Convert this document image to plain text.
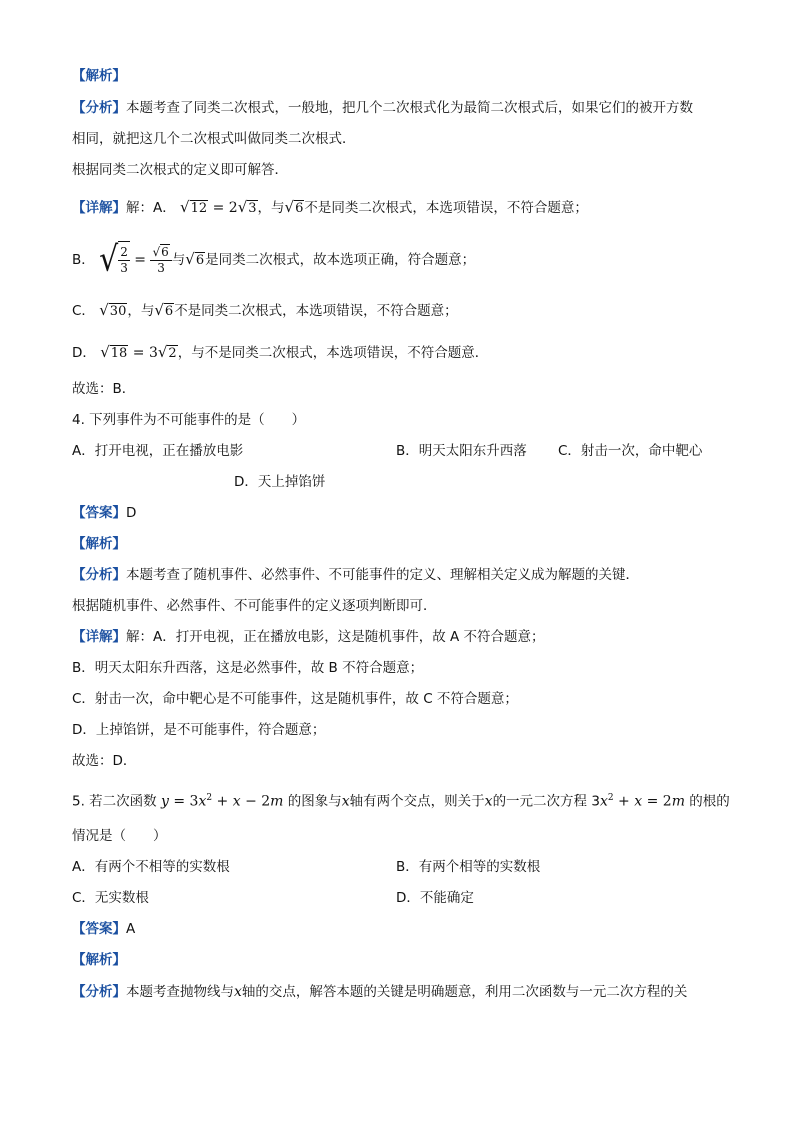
【解析】
【分析】本题考查了同类二次根式，一般地，把几个二次根式化为最简二次根式后，如果它们的被开方数
相同，就把这几个二次根式叫做同类二次根式．
根据同类二次根式的定义即可解答．
【详解】解：A． √12 = 2√3，与√6不是同类二次根式，本选项错误，不符合题意；
B． √ $\frac{2}{3} = \frac{√6}{3}$ 与√6是同类二次根式，故本选项正确，符合题意；
C． √30，与√6不是同类二次根式，本选项错误，不符合题意；
D． √18 = 3√2，与不是同类二次根式，本选项错误，不符合题意．
故选：B．
4. 下列事件为不可能事件的是（　　）
A．打开电视，正在播放电影	B．明天太阳东升西落 C．射击一次，命中靶心
D．天上掉馅饼
【答案】D
【解析】
【分析】本题考查了随机事件、必然事件、不可能事件的定义、理解相关定义成为解题的关键．
根据随机事件、必然事件、不可能事件的定义逐项判断即可．
【详解】解：A．打开电视，正在播放电影，这是随机事件，故 A 不符合题意；
B．明天太阳东升西落，这是必然事件，故 B 不符合题意；
C．射击一次，命中靶心是不可能事件，这是随机事件，故 C 不符合题意；
D．上掉馅饼，是不可能事件，符合题意；
故选：D．
5. 若二次函数 $y = 3x^2 + x - 2m$ 的图象与x轴有两个交点，则关于x的一元二次方程 $3x^2 + x = 2m$ 的根的
情况是（　　）
A．有两个不相等的实数根	B．有两个相等的实数根
C．无实数根	D．不能确定
【答案】A
【解析】
【分析】本题考查抛物线与x轴的交点，解答本题的关键是明确题意，利用二次函数与一元二次方程的关
